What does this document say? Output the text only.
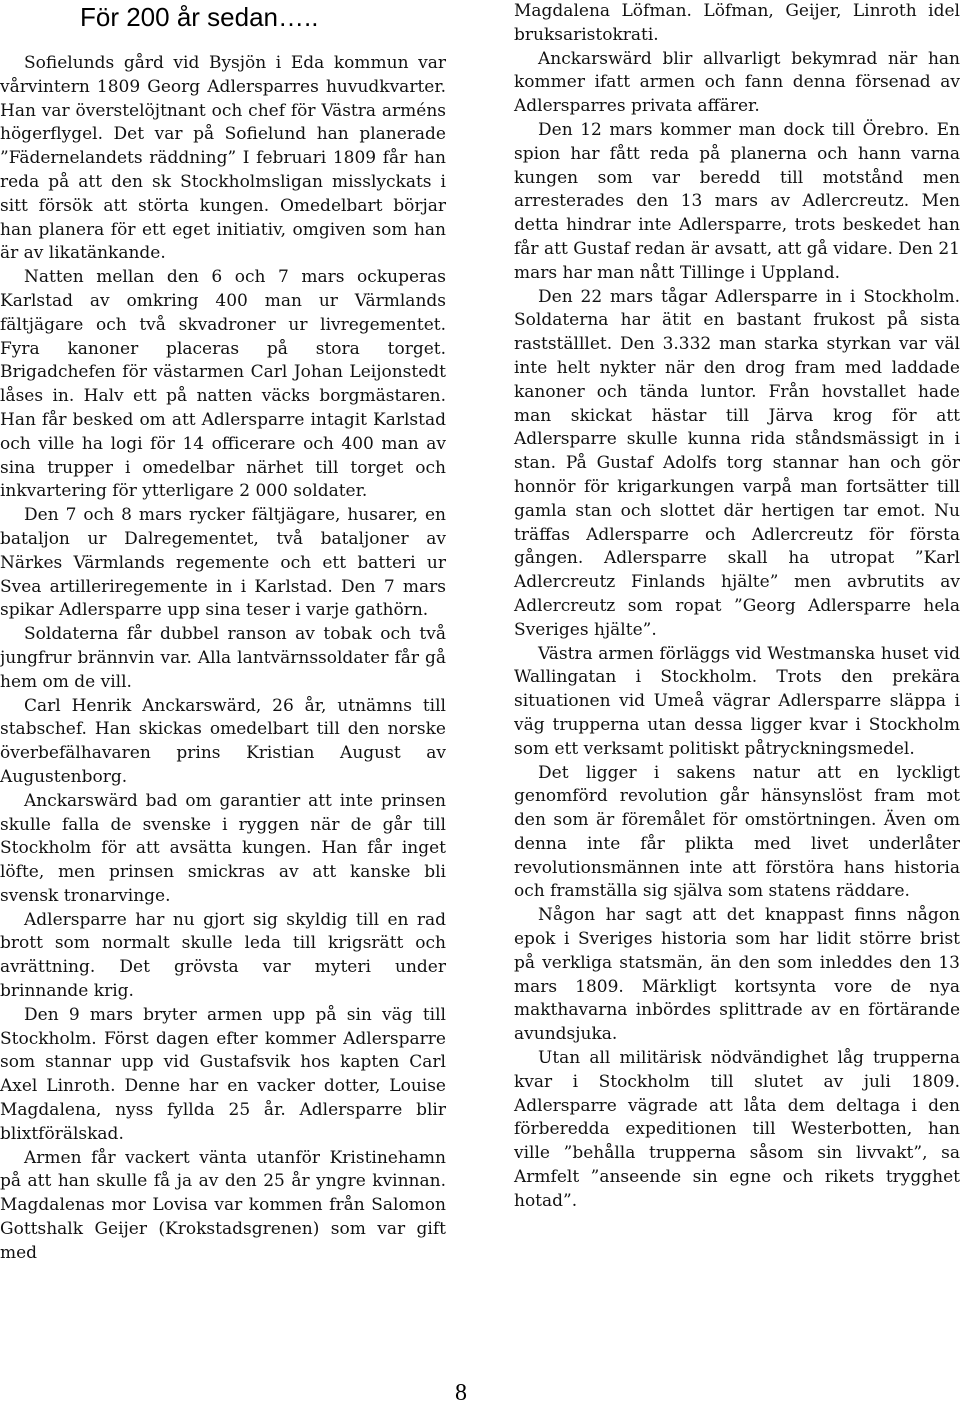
För 200 år sedan…..

Sofielunds gård vid Bysjön i Eda kommun var vårvintern 1809 Georg Adlersparres huvudkvarter. Han var överstelöjtnant och chef för Västra arméns högerflygel. Det var på Sofielund han planerade ”Fädernelandets räddning” I februari 1809 får han reda på att den sk Stockholmsligan misslyckats i sitt försök att störta kungen. Omedelbart börjar han planera för ett eget initiativ, omgiven som han är av likatänkande.

Natten mellan den 6 och 7 mars ockuperas Karlstad av omkring 400 man ur Värmlands fältjägare och två skvadroner ur livregementet. Fyra kanoner placeras på stora torget. Brigadchefen för västarmen Carl Johan Leijonstedt låses in. Halv ett på natten väcks borgmästaren. Han får besked om att Adlersparre intagit Karlstad och ville ha logi för 14 officerare och 400 man av sina trupper i omedelbar närhet till torget och inkvartering för ytterligare 2 000 soldater.

Den 7 och 8 mars rycker fältjägare, husarer, en bataljon ur Dalregementet, två bataljoner av Närkes Värmlands regemente och ett batteri ur Svea artilleriregemente in i Karlstad. Den 7 mars spikar Adlersparre upp sina teser i varje gathörn.

Soldaterna får dubbel ranson av tobak och två jungfrur brännvin var. Alla lantvärnssoldater får gå hem om de vill.

Carl Henrik Anckarswärd, 26 år, utnämns till stabschef. Han skickas omedelbart till den norske överbefälhavaren prins Kristian August av Augustenborg.

Anckarswärd bad om garantier att inte prinsen skulle falla de svenske i ryggen när de går till Stockholm för att avsätta kungen. Han får inget löfte, men prinsen smickras av att kanske bli svensk tronarvinge.

Adlersparre har nu gjort sig skyldig till en rad brott som normalt skulle leda till krigsrätt och avrättning. Det grövsta var myteri under brinnande krig.

Den 9 mars bryter armen upp på sin väg till Stockholm. Först dagen efter kommer Adlersparre som stannar upp vid Gustafsvik hos kapten Carl Axel Linroth. Denne har en vacker dotter, Louise Magdalena, nyss fyllda 25 år. Adlersparre blir blixtförälskad.

Armen får vackert vänta utanför Kristinehamn på att han skulle få ja av den 25 år yngre kvinnan. Magdalenas mor Lovisa var kommen från Salomon Gottshalk Geijer (Krokstadsgrenen) som var gift med

Magdalena Löfman. Löfman, Geijer, Linroth idel bruksaristokrati.

Anckarswärd blir allvarligt bekymrad när han kommer ifatt armen och fann denna försenad av Adlersparres privata affärer.

Den 12 mars kommer man dock till Örebro. En spion har fått reda på planerna och hann varna kungen som var beredd till motstånd men arresterades den 13 mars av Adlercreutz. Men detta hindrar inte Adlersparre, trots beskedet han får att Gustaf redan är avsatt, att gå vidare. Den 21 mars har man nått Tillinge i Uppland.

Den 22 mars tågar Adlersparre in i Stockholm. Soldaterna har ätit en bastant frukost på sista rastställlet. Den 3.332 man starka styrkan var väl inte helt nykter när den drog fram med laddade kanoner och tända luntor. Från hovstallet hade man skickat hästar till Järva krog för att Adlersparre skulle kunna rida ståndsmässigt in i stan. På Gustaf Adolfs torg stannar han och gör honnör för krigarkungen varpå man fortsätter till gamla stan och slottet där hertigen tar emot. Nu träffas Adlersparre och Adlercreutz för första gången. Adlersparre skall ha utropat ”Karl Adlercreutz Finlands hjälte” men avbrutits av Adlercreutz som ropat ”Georg Adlersparre hela Sveriges hjälte”.

Västra armen förläggs vid Westmanska huset vid Wallingatan i Stockholm. Trots den prekära situationen vid Umeå vägrar Adlersparre släppa i väg trupperna utan dessa ligger kvar i Stockholm som ett verksamt politiskt påtryckningsmedel.

Det ligger i sakens natur att en lyckligt genomförd revolution går hänsynslöst fram mot den som är föremålet för omstörtningen. Även om denna inte får plikta med livet underlåter revolutionsmännen inte att förstöra hans historia och framställa sig själva som statens räddare.

Någon har sagt att det knappast finns någon epok i Sveriges historia som har lidit större brist på verkliga statsmän, än den som inleddes den 13 mars 1809. Märkligt kortsynta vore de nya makthavarna inbördes splittrade av en förtärande avundsjuka.

Utan all militärisk nödvändighet låg trupperna kvar i Stockholm till slutet av juli 1809. Adlersparre vägrade att låta dem deltaga i den förberedda expeditionen till Westerbotten, han ville ”behålla trupperna såsom sin livvakt”, sa Armfelt ”anseende sin egne och rikets trygghet hotad”.

8
